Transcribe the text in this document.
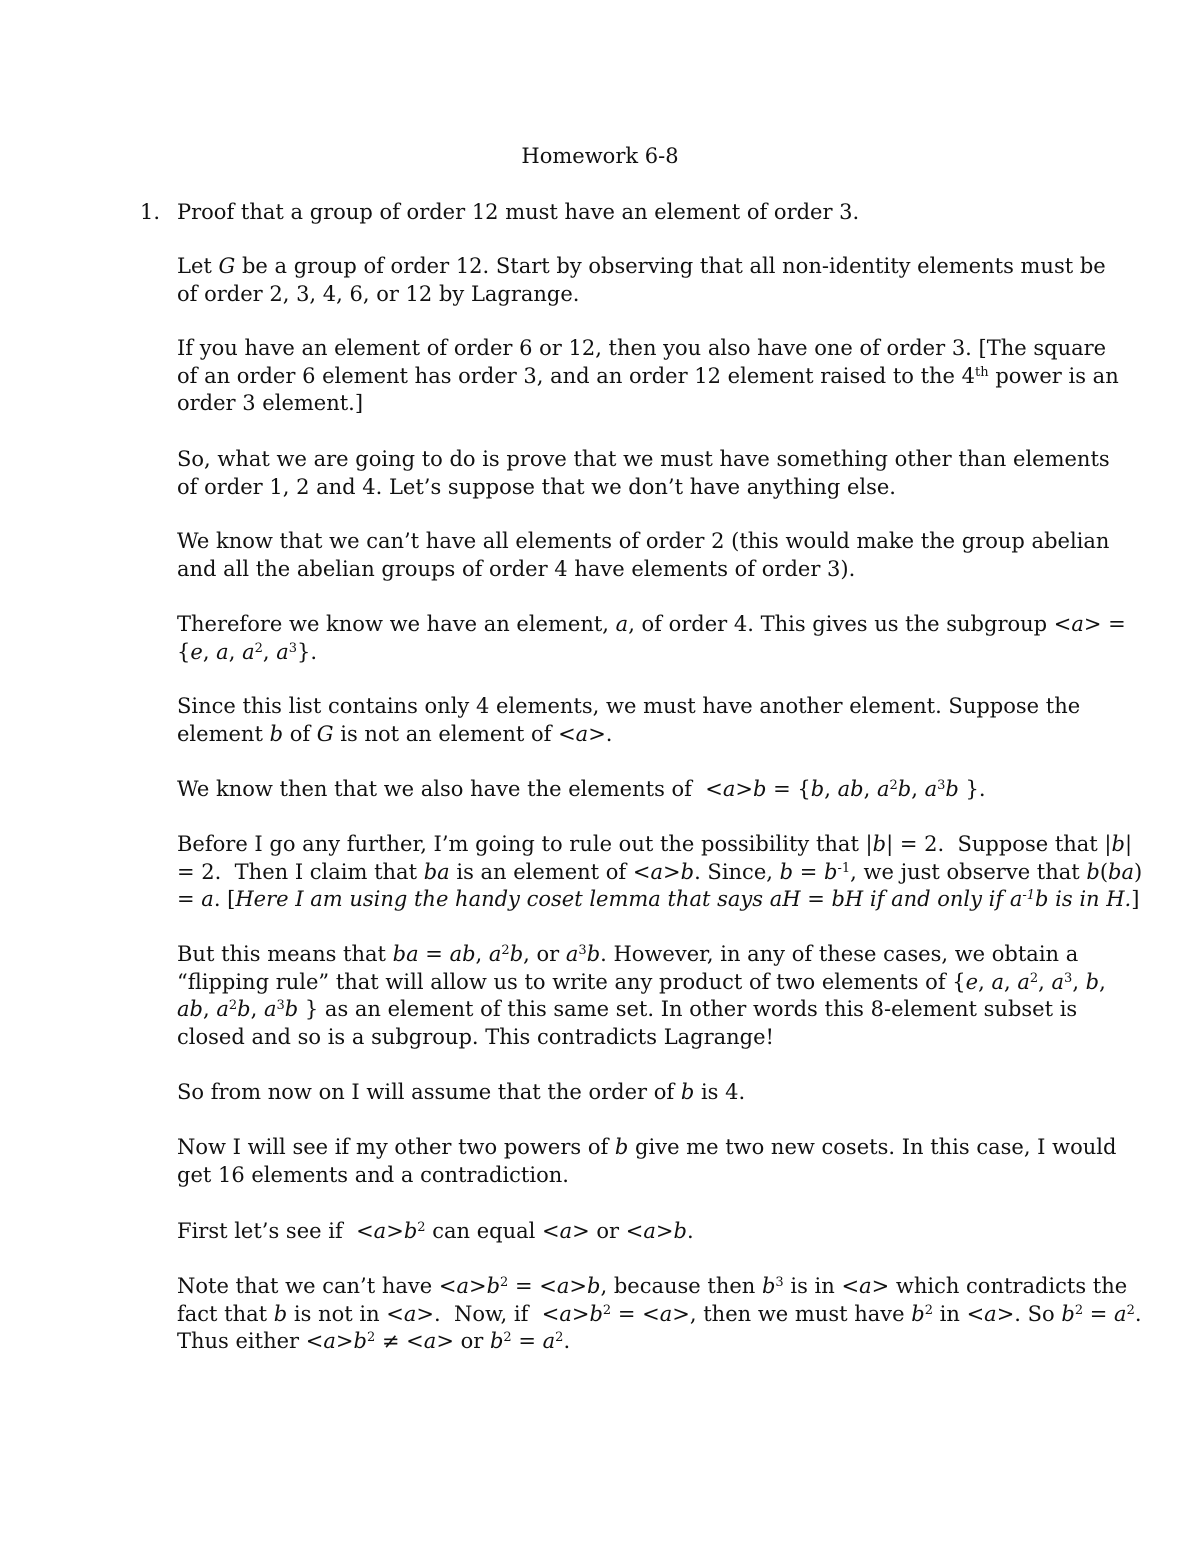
Homework 6-8
1. Proof that a group of order 12 must have an element of order 3.
Let G be a group of order 12. Start by observing that all non-identity elements must be
of order 2, 3, 4, 6, or 12 by Lagrange.
If you have an element of order 6 or 12, then you also have one of order 3. [The square
of an order 6 element has order 3, and an order 12 element raised to the 4th power is an
order 3 element.]
So, what we are going to do is prove that we must have something other than elements
of order 1, 2 and 4. Let’s suppose that we don’t have anything else.
We know that we can’t have all elements of order 2 (this would make the group abelian
and all the abelian groups of order 4 have elements of order 3).
Therefore we know we have an element, a, of order 4. This gives us the subgroup <a> =
{e, a, $a^2$, $a^3$}.
Since this list contains only 4 elements, we must have another element. Suppose the
element b of G is not an element of <a>.
We know then that we also have the elements of  <a>b = {b, ab, $a^2b$, $a^3b$ }.
Before I go any further, I’m going to rule out the possibility that |b| = 2.  Suppose that |b|
= 2.  Then I claim that ba is an element of <a>b. Since, $b = b^{-1}$, we just observe that b(ba)
= a. [Here I am using the handy coset lemma that says aH = bH if and only if $a^{-1}b$ is in H.]
But this means that ba = ab, $a^2b$, or $a^3b$. However, in any of these cases, we obtain a
“flipping rule” that will allow us to write any product of two elements of {e, a, $a^2$, $a^3$, b,
ab, $a^2b$, $a^3b$ } as an element of this same set. In other words this 8-element subset is
closed and so is a subgroup. This contradicts Lagrange!
So from now on I will assume that the order of b is 4.
Now I will see if my other two powers of b give me two new cosets. In this case, I would
get 16 elements and a contradiction.
First let’s see if  $<a>b^2$ can equal <a> or <a>b.
Note that we can’t have $<a>b^2 = <a>b$, because then $b^3$ is in <a> which contradicts the
fact that b is not in <a>.  Now, if  $<a>b^2 = <a>$, then we must have $b^2$ in <a>. So $b^2 = a^2$.
Thus either $<a>b^2 \ne <a>$ or $b^2 = a^2$.
